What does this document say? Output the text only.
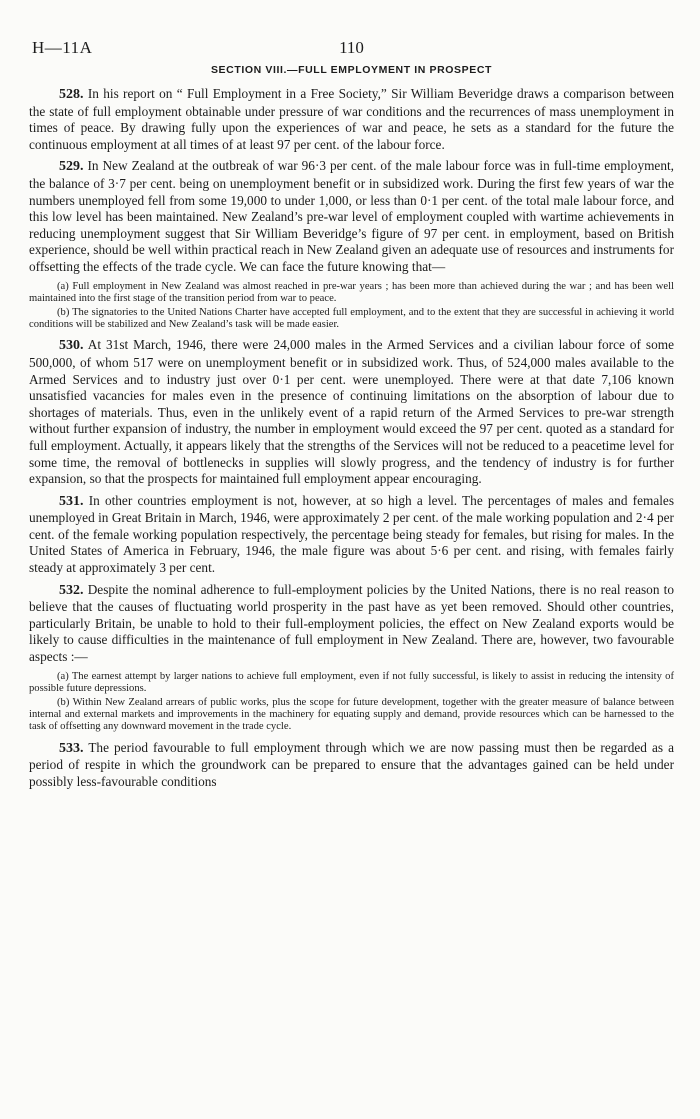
H—11A	110
SECTION VIII.—FULL EMPLOYMENT IN PROSPECT

528. In his report on “ Full Employment in a Free Society,” Sir William Beveridge draws a comparison between the state of full employment obtainable under pressure of war conditions and the recurrences of mass unemployment in times of peace. By drawing fully upon the experiences of war and peace, he sets as a standard for the future the continuous employment at all times of at least 97 per cent. of the labour force.

529. In New Zealand at the outbreak of war 96·3 per cent. of the male labour force was in full-time employment, the balance of 3·7 per cent. being on unemployment benefit or in subsidized work. During the first few years of war the numbers unemployed fell from some 19,000 to under 1,000, or less than 0·1 per cent. of the total male labour force, and this low level has been maintained. New Zealand’s pre-war level of employment coupled with wartime achievements in reducing unemployment suggest that Sir William Beveridge’s figure of 97 per cent. in employment, based on British experience, should be well within practical reach in New Zealand given an adequate use of resources and instruments for offsetting the effects of the trade cycle. We can face the future knowing that—

(a) Full employment in New Zealand was almost reached in pre-war years ; has been more than achieved during the war ; and has been well maintained into the first stage of the transition period from war to peace.

(b) The signatories to the United Nations Charter have accepted full employment, and to the extent that they are successful in achieving it world conditions will be stabilized and New Zealand’s task will be made easier.

530. At 31st March, 1946, there were 24,000 males in the Armed Services and a civilian labour force of some 500,000, of whom 517 were on unemployment benefit or in subsidized work. Thus, of 524,000 males available to the Armed Services and to industry just over 0·1 per cent. were unemployed. There were at that date 7,106 known unsatisfied vacancies for males even in the presence of continuing limitations on the absorption of labour due to shortages of materials. Thus, even in the unlikely event of a rapid return of the Armed Services to pre-war strength without further expansion of industry, the number in employment would exceed the 97 per cent. quoted as a standard for full employment. Actually, it appears likely that the strengths of the Services will not be reduced to a peacetime level for some time, the removal of bottlenecks in supplies will slowly progress, and the tendency of industry is for further expansion, so that the prospects for maintained full employment appear encouraging.

531. In other countries employment is not, however, at so high a level. The percentages of males and females unemployed in Great Britain in March, 1946, were approximately 2 per cent. of the male working population and 2·4 per cent. of the female working population respectively, the percentage being steady for females, but rising for males. In the United States of America in February, 1946, the male figure was about 5·6 per cent. and rising, with females fairly steady at approximately 3 per cent.

532. Despite the nominal adherence to full-employment policies by the United Nations, there is no real reason to believe that the causes of fluctuating world prosperity in the past have as yet been removed. Should other countries, particularly Britain, be unable to hold to their full-employment policies, the effect on New Zealand exports would be likely to cause difficulties in the maintenance of full employment in New Zealand. There are, however, two favourable aspects :—

(a) The earnest attempt by larger nations to achieve full employment, even if not fully successful, is likely to assist in reducing the intensity of possible future depressions.

(b) Within New Zealand arrears of public works, plus the scope for future development, together with the greater measure of balance between internal and external markets and improvements in the machinery for equating supply and demand, provide resources which can be harnessed to the task of offsetting any downward movement in the trade cycle.

533. The period favourable to full employment through which we are now passing must then be regarded as a period of respite in which the groundwork can be prepared to ensure that the advantages gained can be held under possibly less-favourable conditions
